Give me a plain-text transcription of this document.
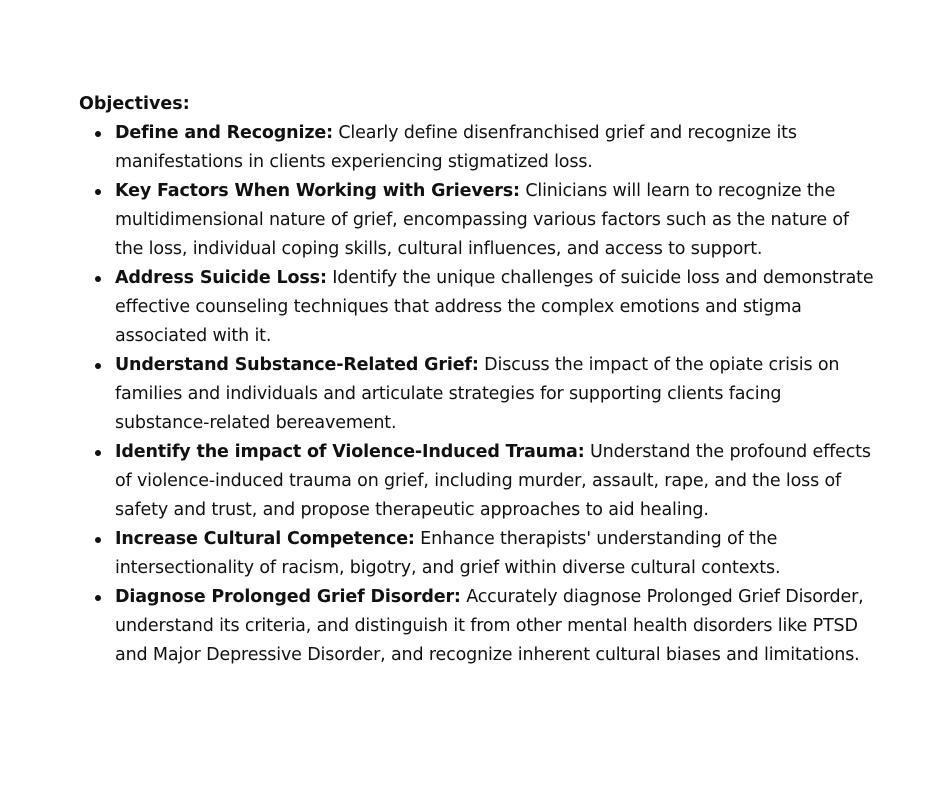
Objectives:

Define and Recognize: Clearly define disenfranchised grief and recognize its manifestations in clients experiencing stigmatized loss.
Key Factors When Working with Grievers: Clinicians will learn to recognize the multidimensional nature of grief, encompassing various factors such as the nature of the loss, individual coping skills, cultural influences, and access to support.
Address Suicide Loss: Identify the unique challenges of suicide loss and demonstrate effective counseling techniques that address the complex emotions and stigma associated with it.
Understand Substance-Related Grief: Discuss the impact of the opiate crisis on families and individuals and articulate strategies for supporting clients facing substance-related bereavement.
Identify the impact of Violence-Induced Trauma: Understand the profound effects of violence-induced trauma on grief, including murder, assault, rape, and the loss of safety and trust, and propose therapeutic approaches to aid healing.
Increase Cultural Competence: Enhance therapists' understanding of the intersectionality of racism, bigotry, and grief within diverse cultural contexts.
Diagnose Prolonged Grief Disorder: Accurately diagnose Prolonged Grief Disorder, understand its criteria, and distinguish it from other mental health disorders like PTSD and Major Depressive Disorder, and recognize inherent cultural biases and limitations.
